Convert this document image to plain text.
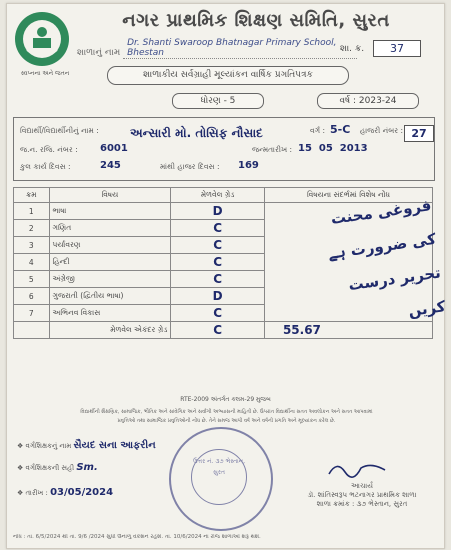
સ્વપ્નના અને જતન
નગર પ્રાથમિક શિક્ષણ સમિતિ, સુરત
શાળાનું નામ Dr. Shanti Swaroop Bhatnagar Primary School, Bhestan	શા. ક્ર.	37
શાળાકીય સર્વગ્રાહી મૂલ્યાંકન વાર્ષિક પ્રગતિપત્રક
ધોરણ - 5	વર્ષ : 2023-24
વિદ્યાર્થી/વિદ્યાર્થીનીનું નામ :	અન્સારી મો. તોસિફ નૌસાદ	વર્ગ : 5-C હાજરી નંબર : 27
જ.ન. રજિ. નંબર : 6001	જન્મતારીખ : 15  05  2013
કુલ કાર્ય દિવસ :	245	માંથી હાજર દિવસ : 169
ક્રમ	વિષય	મેળવેલ ગ્રેડ	વિષયના સંદર્ભમાં વિશેષ નોંધ
1	ભાષા	D	
2	ગણિત	C	
3	પર્યાવરણ	C	
4	હિન્દી	C	
5	અંગ્રેજી	C	
6	ગુજરાતી (દ્વિતીય ભાષા)	D	
7	અભિનવ વિકાસ	C	
	મેળવેલ એકંદર ગ્રેડ	C	55.67
فروغی محنت کی ضرورت ہے تحریر درست کریں
RTE-2009 અંતર્ગત કલમ-29 મુજબ
વિદ્યાર્થીની શૈક્ષણિક, સામાજિક, ભૌતિક અને સાંવેગિક અને સર્વાંગી અભ્યાસની માહિતી છે. ઉપરાંત વિદ્યાર્થીના સતત અવલોકન અને સતત આપવામાં
પ્રવૃત્તિઓ તથા સામાજિક પ્રવૃત્તિઓની નોંધ છે. તેને સમજ આપી વર્ષ અને વર્ષની પ્રગતિ અને મૂલ્યાંકન કરેલ છે.
❖ વર્ગશિક્ષકનું નામ સૈયદ સના આફરીન
❖ વર્ગશિક્ષકની સહી Sm.
❖ તારીખ : 03/05/2024
ઉત્તર નં. ૩૭ ભેસ્તાન, સુરત
આચાર્ય
ડૉ. શાંતિસ્વરૂપ ભટનાગર પ્રાથમિક શાળા
શાળા ક્રમાંક : ૩૭ ભેસ્તાન, સુરત
નોંધ : તા. 6/5/2024 થી તા. 9/6 /2024 સુધી ઉનાળુ વેકેશન રહેશે. તા. 10/6/2024 ના રોજ શાળાઓ શરૂ થશે.
